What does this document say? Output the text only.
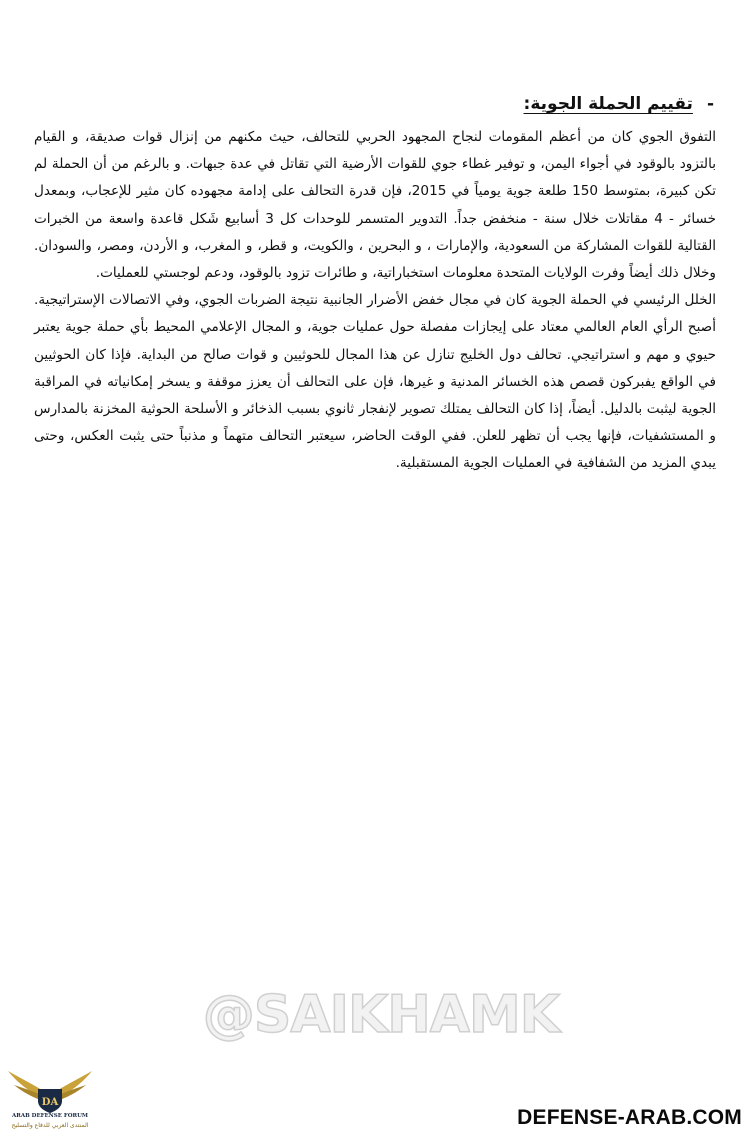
-
تقييم الحملة الجوية:

التفوق الجوي كان من أعظم المقومات لنجاح المجهود الحربي للتحالف، حيث مكنهم من إنزال قوات صديقة، و القيام بالتزود بالوقود في أجواء اليمن، و توفير غطاء جوي للقوات الأرضية التي تقاتل في عدة جبهات. و بالرغم من أن الحملة لم تكن كبيرة، بمتوسط 150 طلعة جوية يومياً في 2015، فإن قدرة التحالف على إدامة مجهوده كان مثير للإعجاب، وبمعدل خسائر - 4 مقاتلات خلال سنة - منخفض جداً. التدوير المتسمر للوحدات كل 3 أسابيع شَكل قاعدة واسعة من الخبرات القتالية للقوات المشاركة من السعودية، والإمارات ، و البحرين ، والكويت، و قطر، و المغرب، و الأردن، ومصر، والسودان. وخلال ذلك أيضاً وفرت الولايات المتحدة معلومات استخباراتية، و طائرات تزود بالوقود، ودعم لوجستي للعمليات.

الخلل الرئيسي في الحملة الجوية كان في مجال خفض الأضرار الجانبية نتيجة الضربات الجوي، وفي الاتصالات الإستراتيجية. أصبح الرأي العام العالمي معتاد على إيجازات مفصلة حول عمليات جوية، و المجال الإعلامي المحيط بأي حملة جوية يعتبر حيوي و مهم و استراتيجي. تحالف دول الخليج تنازل عن هذا المجال للحوثيين و قوات صالح من البداية. فإذا كان الحوثيين في الواقع يفبركون قصص هذه الخسائر المدنية و غيرها، فإن على التحالف أن يعزز موقفة و يسخر إمكانياته في المراقبة الجوية ليثبت بالدليل. أيضاً، إذا كان التحالف يمتلك تصوير لإنفجار ثانوي بسبب الذخائر و الأسلحة الحوثية المخزنة بالمدارس و المستشفيات، فإنها يجب أن تظهر للعلن. ففي الوقت الحاضر، سيعتبر التحالف متهماً و مذنباً حتى يثبت العكس، وحتى يبدي المزيد من الشفافية في العمليات الجوية المستقبلية.

@SAIKHAMK
DA
ARAB DEFENSE FORUM
المنتدى العربي للدفاع والتسليح	DEFENSE-ARAB.COM
